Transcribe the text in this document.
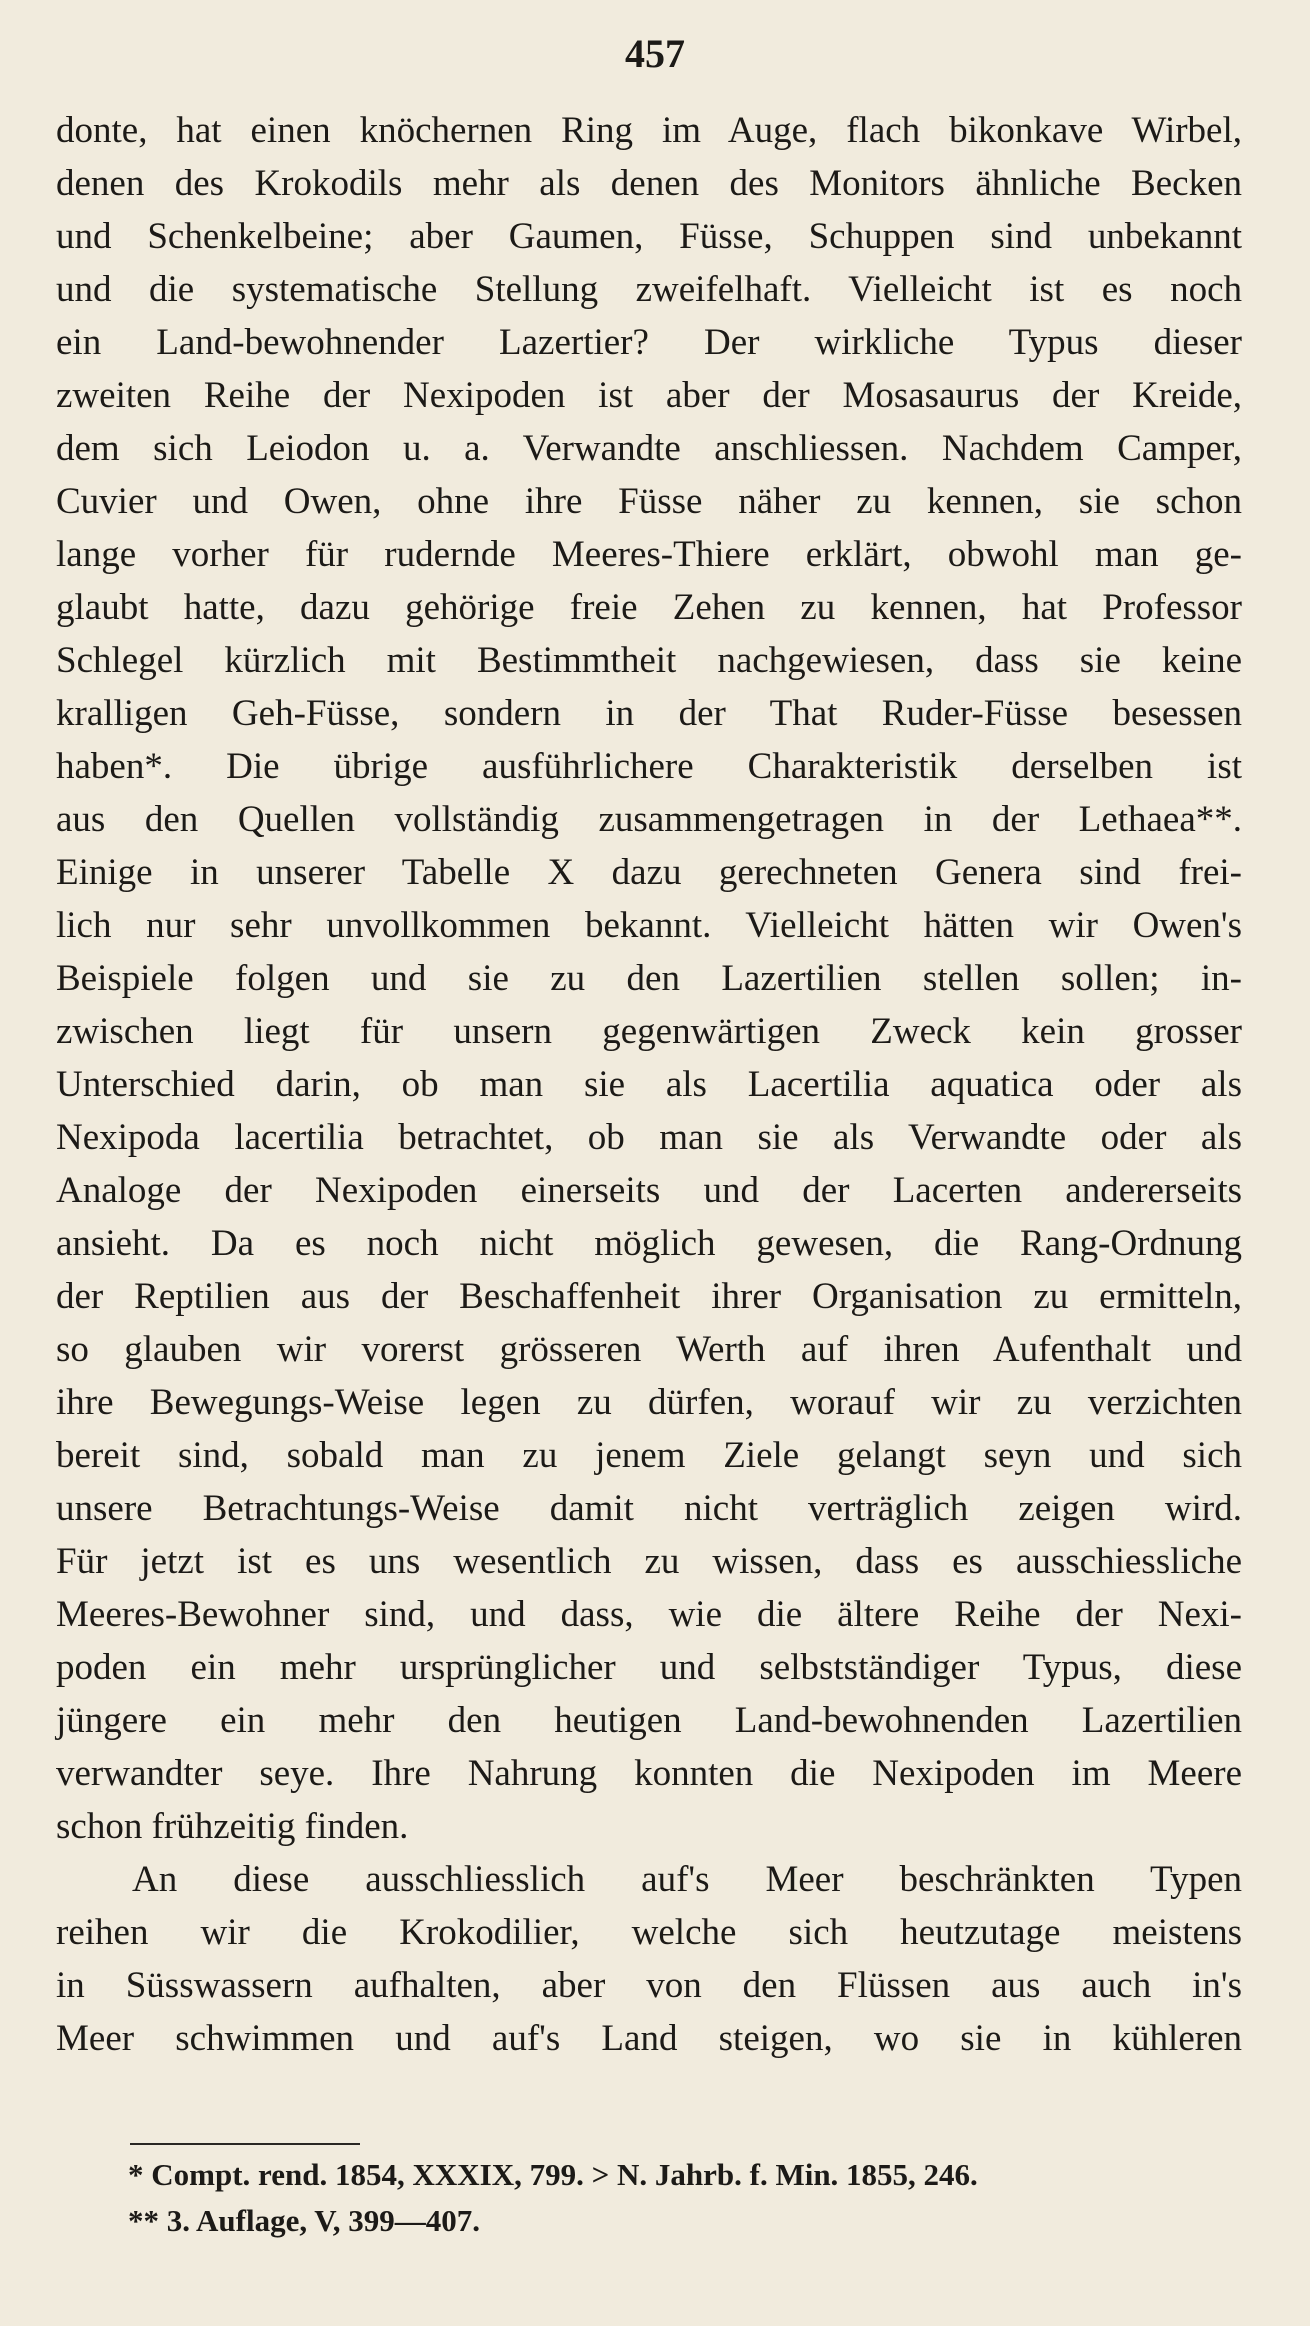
457
donte, hat einen knöchernen Ring im Auge, flach bikonkave Wirbel,
denen des Krokodils mehr als denen des Monitors ähnliche Becken
und Schenkelbeine; aber Gaumen, Füsse, Schuppen sind unbekannt
und die systematische Stellung zweifelhaft. Vielleicht ist es noch
ein Land-bewohnender Lazertier? Der wirkliche Typus dieser
zweiten Reihe der Nexipoden ist aber der Mosasaurus der Kreide,
dem sich Leiodon u. a. Verwandte anschliessen. Nachdem Camper,
Cuvier und Owen, ohne ihre Füsse näher zu kennen, sie schon
lange vorher für rudernde Meeres-Thiere erklärt, obwohl man ge-
glaubt hatte, dazu gehörige freie Zehen zu kennen, hat Professor
Schlegel kürzlich mit Bestimmtheit nachgewiesen, dass sie keine
kralligen Geh-Füsse, sondern in der That Ruder-Füsse besessen
haben*. Die übrige ausführlichere Charakteristik derselben ist
aus den Quellen vollständig zusammengetragen in der Lethaea**.
Einige in unserer Tabelle X dazu gerechneten Genera sind frei-
lich nur sehr unvollkommen bekannt. Vielleicht hätten wir Owen's
Beispiele folgen und sie zu den Lazertilien stellen sollen; in-
zwischen liegt für unsern gegenwärtigen Zweck kein grosser
Unterschied darin, ob man sie als Lacertilia aquatica oder als
Nexipoda lacertilia betrachtet, ob man sie als Verwandte oder als
Analoge der Nexipoden einerseits und der Lacerten andererseits
ansieht. Da es noch nicht möglich gewesen, die Rang-Ordnung
der Reptilien aus der Beschaffenheit ihrer Organisation zu ermitteln,
so glauben wir vorerst grösseren Werth auf ihren Aufenthalt und
ihre Bewegungs-Weise legen zu dürfen, worauf wir zu verzichten
bereit sind, sobald man zu jenem Ziele gelangt seyn und sich
unsere Betrachtungs-Weise damit nicht verträglich zeigen wird.
Für jetzt ist es uns wesentlich zu wissen, dass es ausschiessliche
Meeres-Bewohner sind, und dass, wie die ältere Reihe der Nexi-
poden ein mehr ursprünglicher und selbstständiger Typus, diese
jüngere ein mehr den heutigen Land-bewohnenden Lazertilien
verwandter seye. Ihre Nahrung konnten die Nexipoden im Meere
schon frühzeitig finden.
An diese ausschliesslich auf's Meer beschränkten Typen
reihen wir die Krokodilier, welche sich heutzutage meistens
in Süsswassern aufhalten, aber von den Flüssen aus auch in's
Meer schwimmen und auf's Land steigen, wo sie in kühleren
* Compt. rend. 1854, XXXIX, 799. > N. Jahrb. f. Min. 1855, 246.
** 3. Auflage, V, 399—407.
